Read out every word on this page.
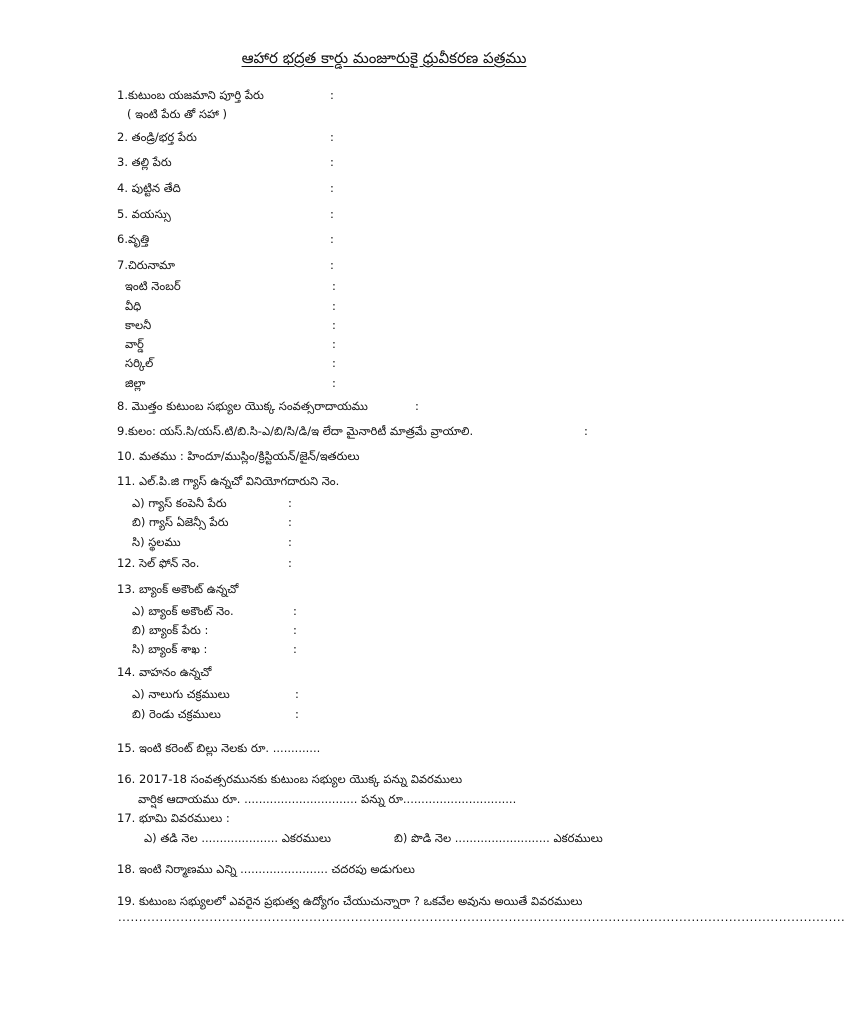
ఆహార భద్రత కార్డు మంజూరుకై ధ్రువీకరణ పత్రము
1.కుటుంబ యజమాని పూర్తి పేరు	:
( ఇంటి పేరు తో సహా )
2. తండ్రి/భర్త పేరు	:
3. తల్లి పేరు	:
4. పుట్టిన తేది	:
5. వయస్సు	:
6.వృత్తి	:
7.చిరునామా	:
ఇంటి నెంబర్	:
వీధి	:
కాలనీ	:
వార్డ్	:
సర్కిల్	:
జిల్లా	:
8. మొత్తం కుటుంబ సభ్యుల యొక్క సంవత్సరాదాయము	:
9.కులం: యస్.సి/యస్.టి/బి.సి-ఎ/బి/సి/డి/ఇ లేదా మైనారిటీ మాత్రమే వ్రాయాలి.	:
10. మతము : హిందూ/ముస్లిం/క్రిస్టియన్/జైన్/ఇతరులు
11. ఎల్.పి.జి గ్యాస్ ఉన్నచో వినియోగదారుని నెం.
ఎ) గ్యాస్ కంపెనీ పేరు	:
బి) గ్యాస్ ఏజెన్సీ పేరు	:
సి) స్థలము	:
12. సెల్ ఫోన్ నెం.	:
13. బ్యాంక్ అకౌంట్ ఉన్నచో
ఎ) బ్యాంక్ అకౌంట్ నెం.	:
బి) బ్యాంక్ పేరు :	:
సి) బ్యాంక్ శాఖ :	:
14. వాహనం ఉన్నచో
ఎ) నాలుగు చక్రములు	:
బి) రెండు చక్రములు	:
15. ఇంటి కరెంట్ బిల్లు నెలకు రూ. .............
16. 2017-18 సంవత్సరమునకు కుటుంబ సభ్యుల యొక్క పన్ను వివరములు
వార్షిక ఆదాయము రూ. ............................... పన్ను రూ...............................
17. భూమి వివరములు :
ఎ) తడి నెల ..................... ఎకరములు	బి) పొడి నెల .......................... ఎకరములు
18. ఇంటి నిర్మాణము ఎన్ని ........................ చదరపు అడుగులు
19. కుటుంబ సభ్యులలో ఎవరైన ప్రభుత్వ ఉద్యోగం చేయుచున్నారా ? ఒకవేల అవును అయితే వివరములు
...............................................................................................................................................................................
